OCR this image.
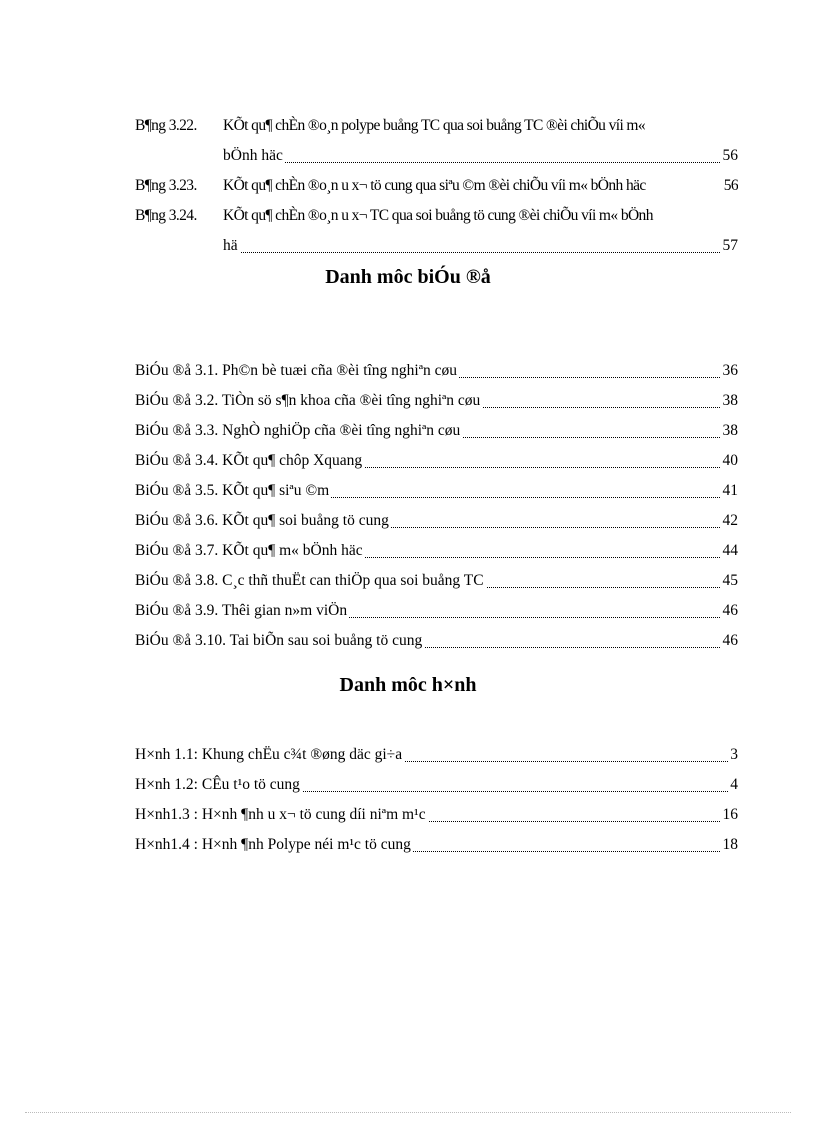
B¶ng 3.22. KÕt qu¶ chÈn ®o¸n polype buång TC qua soi buång TC ®èi chiÕu víi m«
bÖnh häc	56
B¶ng 3.23. KÕt qu¶ chÈn ®o¸n u x¬ tö cung qua siªu ©m ®èi chiÕu víi m« bÖnh häc	56
B¶ng 3.24. KÕt qu¶ chÈn ®o¸n u x¬ TC qua soi buång tö cung ®èi chiÕu víi m« bÖnh
hä	57
Danh môc biÓu ®å
BiÓu ®å 3.1. Ph©n bè tuæi cña ®èi tîng nghiªn cøu	36
BiÓu ®å 3.2. TiÒn sö s¶n khoa cña ®èi tîng nghiªn cøu	38
BiÓu ®å 3.3. NghÒ nghiÖp cña ®èi tîng nghiªn cøu	38
BiÓu ®å 3.4. KÕt qu¶ chôp Xquang	40
BiÓu ®å 3.5. KÕt qu¶ siªu ©m	41
BiÓu ®å 3.6. KÕt qu¶ soi buång tö cung	42
BiÓu ®å 3.7. KÕt qu¶ m« bÖnh häc	44
BiÓu ®å 3.8. C¸c thñ thuËt can thiÖp qua soi buång TC	45
BiÓu ®å 3.9. Thêi gian n»m viÖn	46
BiÓu ®å 3.10. Tai biÕn sau soi buång tö cung	46
Danh môc h×nh
H×nh 1.1: Khung chËu c¾t ®øng däc gi÷a	3
H×nh 1.2: CÊu t¹o tö cung	4
H×nh1.3 : H×nh ¶nh u x¬ tö cung díi niªm m¹c	16
H×nh1.4 : H×nh ¶nh Polype néi m¹c tö cung	18
